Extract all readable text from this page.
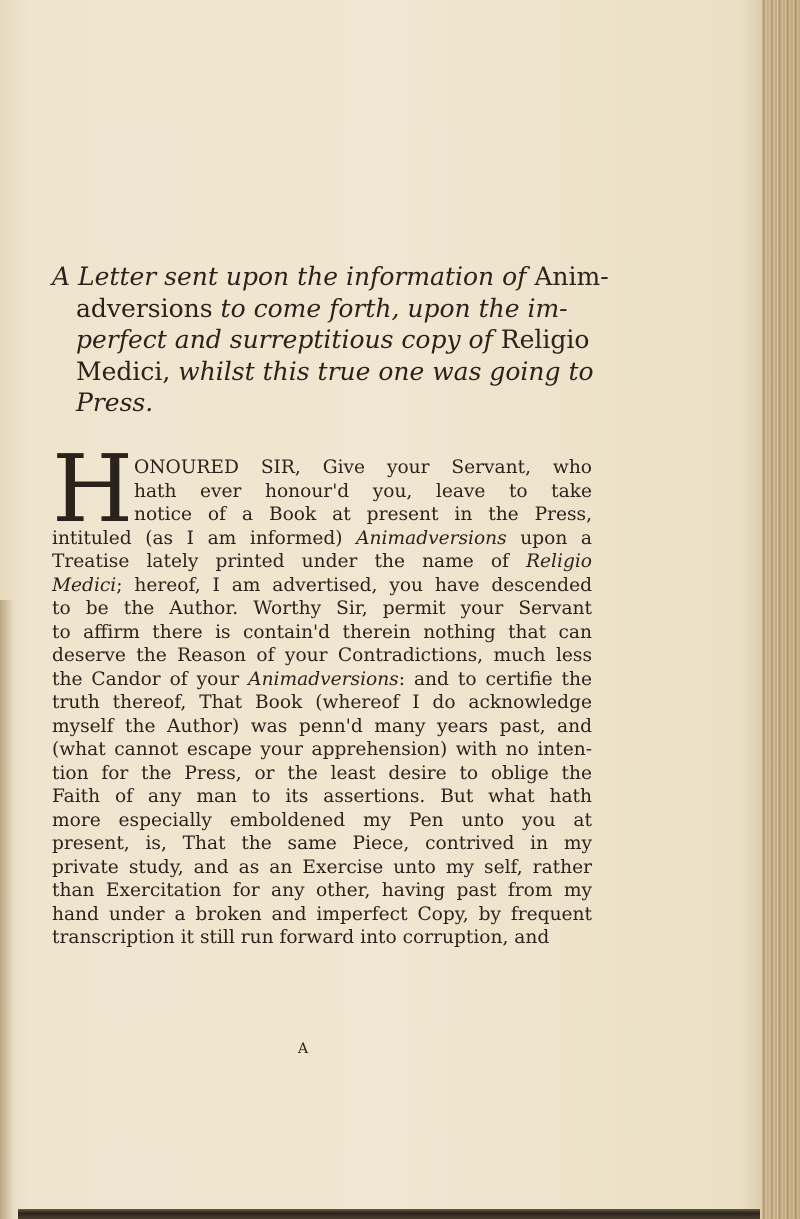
A Letter sent upon the information of Anim-
adversions to come forth, upon the im-
perfect and surreptitious copy of Religio
Medici, whilst this true one was going to
Press.
H ONOURED SIR, Give your Servant, who
hath ever honour'd you, leave to take
notice of a Book at present in the Press,
intituled (as I am informed) Animadversions upon a
Treatise lately printed under the name of Religio
Medici; hereof, I am advertised, you have descended
to be the Author. Worthy Sir, permit your Servant
to affirm there is contain'd therein nothing that can
deserve the Reason of your Contradictions, much less
the Candor of your Animadversions: and to certifie the
truth thereof, That Book (whereof I do acknowledge
myself the Author) was penn'd many years past, and
(what cannot escape your apprehension) with no inten-
tion for the Press, or the least desire to oblige the
Faith of any man to its assertions. But what hath
more especially emboldened my Pen unto you at
present, is, That the same Piece, contrived in my
private study, and as an Exercise unto my self, rather
than Exercitation for any other, having past from my
hand under a broken and imperfect Copy, by frequent
transcription it still run forward into corruption, and
A
